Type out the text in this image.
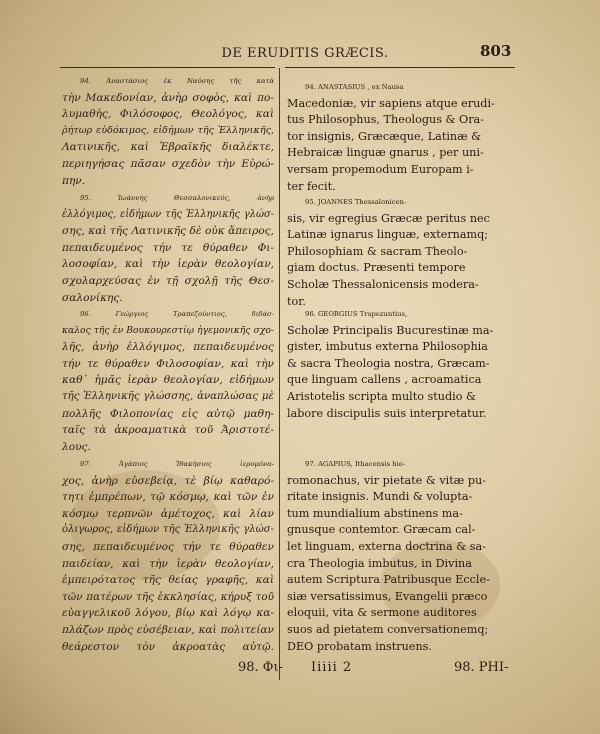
DE ERUDITIS GRÆCIS.	803
94. Ἀναστάσιος ἐκ Ναύσης τῆς κατὰ
τὴν Μακεδονίαν, ἀνὴρ σοφὸς, καὶ πο-
λυμαθὴς, Φιλόσοφος, Θεολόγος, καὶ
ῥήτωρ εὐδόκιμος, εἰδήμων τῆς Ἑλληνικῆς,
Λατινικῆς, καὶ Ἑβραϊκῆς διαλέκτε,
περιηγήσας πᾶσαν σχεδὸν τὴν Εὐρώ-
πην.
95. Ἰωάννης Θεσσαλονικεύς, ἀνὴρ
ἐλλόγιμος, εἰδήμων τῆς Ἑλληνικῆς γλώσ-
σης, καὶ τῆς Λατινικῆς δὲ οὐκ ἄπειρος,
πεπαιδευμένος τήν τε θύραθεν Φι-
λοσοφίαν, καὶ τὴν ἱερὰν θεολογίαν,
σχολαρχεύσας ἐν τῇ σχολῇ τῆς Θεσ-
σαλονίκης.
96. Γεώργιος Τραπεζούντιος, διδάσ-
καλος τῆς ἐν Βουκουρεστίῳ ἡγεμονικῆς σχο-
λῆς, ἀνὴρ ἐλλόγιμος, πεπαιδευμένος
τήν τε θύραθεν Φιλοσοφίαν, καὶ τὴν
καθ᾽ ἡμᾶς ἱερὰν θεολογίαν, εἰδήμων
τῆς Ἑλληνικῆς γλώσσης, ἀναπλώσας μὲ
πολλῆς Φιλοπονίας εἰς αὐτῷ μαθη-
ταῖς τὰ ἀκροαματικὰ τοῦ Ἀριστοτέ-
λους.
97. Ἀγάπιος Ἰθακήσιος ἱερομόνα-
χος, ἀνὴρ εὐσεβείᾳ, τὲ βίῳ καθαρό-
τητι ἐμπρέπων, τῷ κόσμῳ, καὶ τῶν ἐν
κόσμῳ τερπνῶν ἀμέτοχος, καὶ λίαν
ὀλιγωρος, εἰδήμων τῆς Ἑλληνικῆς γλώσ-
σης, πεπαιδευμένος τήν τε θύραθεν
παιδείαν, καὶ τὴν ἱερὰν θεολογίαν,
ἐμπειρότατος τῆς θείας γραφῆς, καὶ
τῶν πατέρων τῆς ἐκκλησίας, κήρυξ τοῦ
εὐαγγελικοῦ λόγου, βίῳ καὶ λόγῳ κα-
πλάζων πρὸς εὐσέβειαν, καὶ πολιτείαν
θεάρεστον τὸν ἀκροατὰς αὐτῷ.
94. ANASTASIUS , ex Nausa
Macedoniæ, vir sapiens atque erudi-
tus Philosophus, Theologus & Ora-
tor insignis, Græcæque, Latinæ &
Hebraicæ linguæ gnarus , per uni-
versam propemodum Europam i-
ter fecit.
95. JOANNES Thessalonicen-
sis, vir egregius Græcæ peritus nec
Latinæ ignarus linguæ, externamq;
Philosophiam & sacram Theolo-
giam doctus. Præsenti tempore
Scholæ Thessalonicensis modera-
tor.
96. GEORGIUS Trapezuntius,
Scholæ Principalis Bucurestinæ ma-
gister, imbutus externa Philosophia
& sacra Theologia nostra, Græcam-
que linguam callens , acroamatica
Aristotelis scripta multo studio &
labore discipulis suis interpretatur.
97. AGAPIUS, Ithacensis hie-
romonachus, vir pietate & vitæ pu-
ritate insignis. Mundi & volupta-
tum mundialium abstinens ma-
gnusque contemtor. Græcam cal-
let linguam, externa doctrina & sa-
cra Theologia imbutus, in Divina
autem Scriptura Patribusque Eccle-
siæ versatissimus, Evangelii præco
eloquii, vita & sermone auditores
suos ad pietatem conversationemq;
DEO probatam instruens.
98. Φι- Iiiii 2	98. PHI-
